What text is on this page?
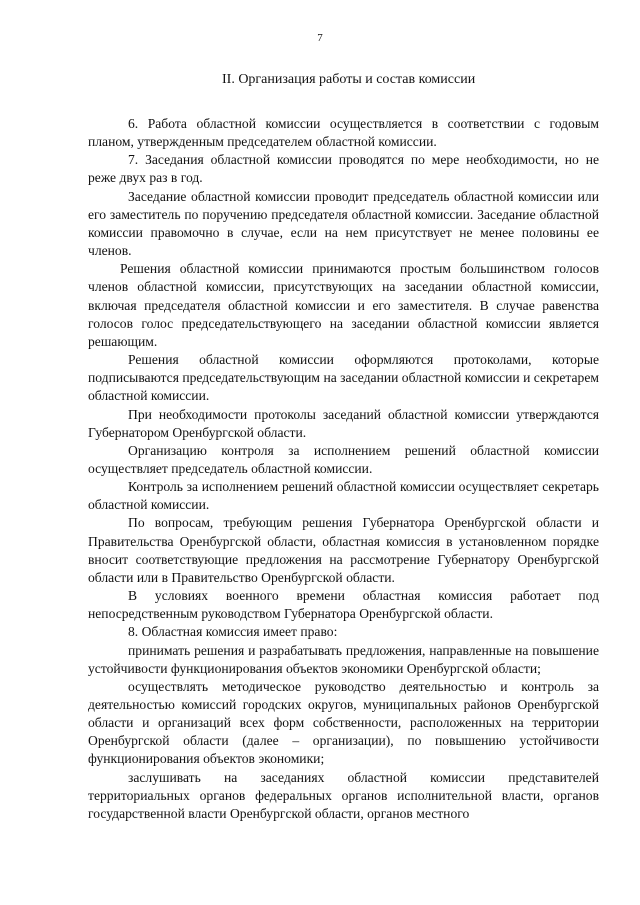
7
II. Организация работы и состав комиссии

6. Работа областной комиссии осуществляется в соответствии с годовым планом, утвержденным председателем областной комиссии.

7. Заседания областной комиссии проводятся по мере необходимости, но не реже двух раз в год.

Заседание областной комиссии проводит председатель областной комиссии или его заместитель по поручению председателя областной комиссии. Заседание областной комиссии правомочно в случае, если на нем присутствует не менее половины ее членов.

Решения областной комиссии принимаются простым большинством голосов членов областной комиссии, присутствующих на заседании областной комиссии, включая председателя областной комиссии и его заместителя. В случае равенства голосов голос председательствующего на заседании областной комиссии является решающим.

Решения областной комиссии оформляются протоколами, которые подписываются председательствующим на заседании областной комиссии и секретарем областной комиссии.

При необходимости протоколы заседаний областной комиссии утверждаются Губернатором Оренбургской области.

Организацию контроля за исполнением решений областной комиссии осуществляет председатель областной комиссии.

Контроль за исполнением решений областной комиссии осуществляет секретарь областной комиссии.

По вопросам, требующим решения Губернатора Оренбургской области и Правительства Оренбургской области, областная комиссия в установленном порядке вносит соответствующие предложения на рассмотрение Губернатору Оренбургской области или в Правительство Оренбургской области.

В условиях военного времени областная комиссия работает под непосредственным руководством Губернатора Оренбургской области.

8. Областная комиссия имеет право:

принимать решения и разрабатывать предложения, направленные на повышение устойчивости функционирования объектов экономики Оренбургской области;

осуществлять методическое руководство деятельностью и контроль за деятельностью комиссий городских округов, муниципальных районов Оренбургской области и организаций всех форм собственности, расположенных на территории Оренбургской области (далее – организации), по повышению устойчивости функционирования объектов экономики;

заслушивать на заседаниях областной комиссии представителей территориальных органов федеральных органов исполнительной власти, органов государственной власти Оренбургской области, органов местного
